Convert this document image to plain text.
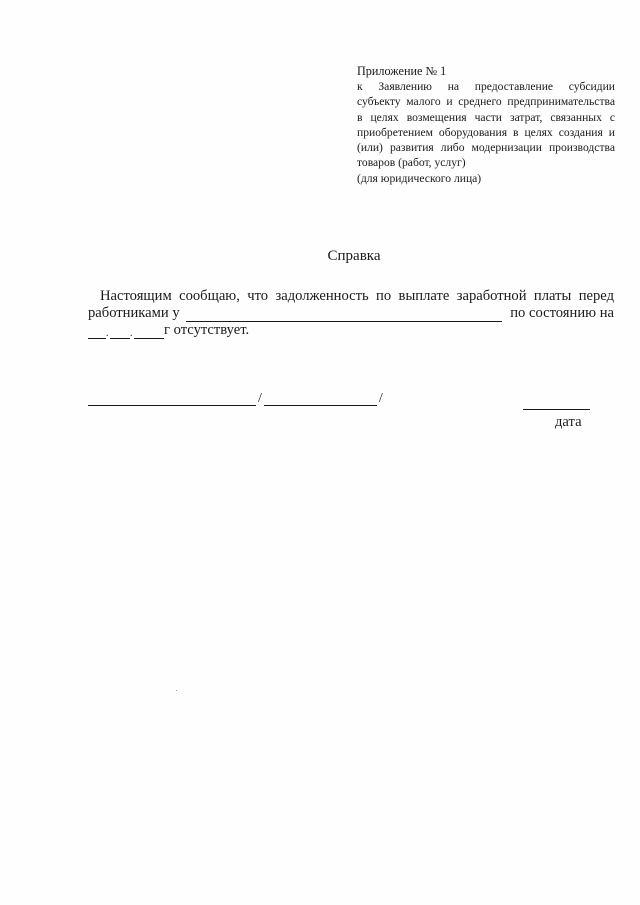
Приложение № 1
к Заявлению на предоставление субсидии
субъекту малого и среднего предпринимательства
в целях возмещения части затрат, связанных с
приобретением оборудования в целях создания и
(или) развития либо модернизации производства
товаров (работ, услуг)
(для юридического лица)
Справка
Настоящим сообщаю, что задолженность по выплате заработной платы перед
работниками у	по состоянию на
. . г отсутствует.
/	/
дата
